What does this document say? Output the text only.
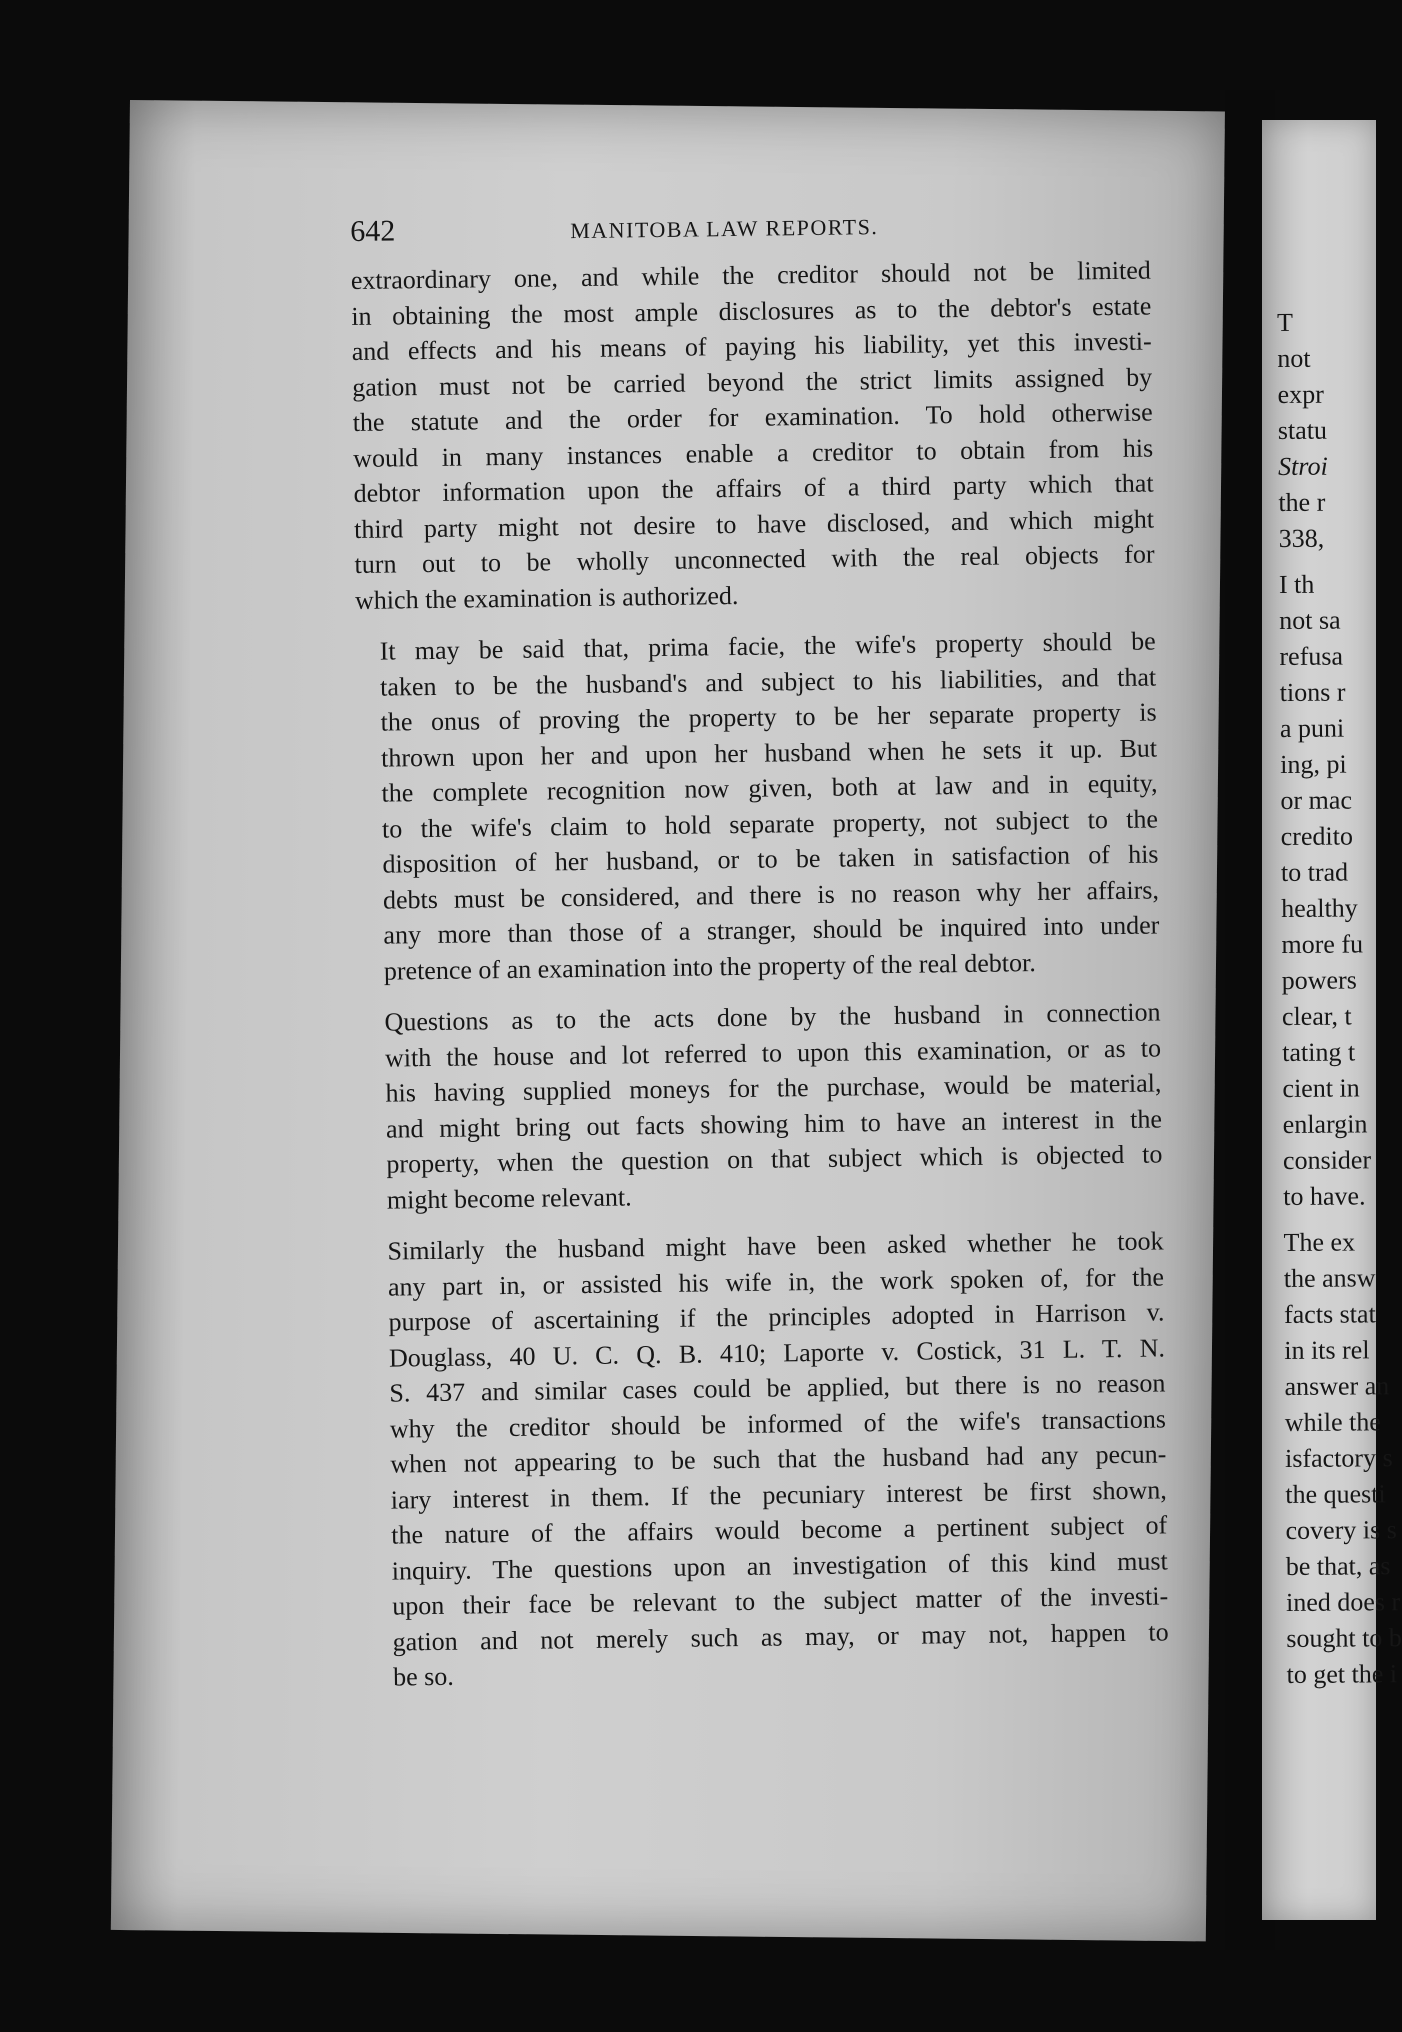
642	MANITOBA LAW REPORTS.

extraordinary one, and while the creditor should not be limited
in obtaining the most ample disclosures as to the debtor's estate
and effects and his means of paying his liability, yet this investi-
gation must not be carried beyond the strict limits assigned by
the statute and the order for examination. To hold otherwise
would in many instances enable a creditor to obtain from his
debtor information upon the affairs of a third party which that
third party might not desire to have disclosed, and which might
turn out to be wholly unconnected with the real objects for
which the examination is authorized.

It may be said that, prima facie, the wife's property should be
taken to be the husband's and subject to his liabilities, and that
the onus of proving the property to be her separate property is
thrown upon her and upon her husband when he sets it up. But
the complete recognition now given, both at law and in equity,
to the wife's claim to hold separate property, not subject to the
disposition of her husband, or to be taken in satisfaction of his
debts must be considered, and there is no reason why her affairs,
any more than those of a stranger, should be inquired into under
pretence of an examination into the property of the real debtor.

Questions as to the acts done by the husband in connection
with the house and lot referred to upon this examination, or as to
his having supplied moneys for the purchase, would be material,
and might bring out facts showing him to have an interest in the
property, when the question on that subject which is objected to
might become relevant.

Similarly the husband might have been asked whether he took
any part in, or assisted his wife in, the work spoken of, for the
purpose of ascertaining if the principles adopted in Harrison v.
Douglass, 40 U. C. Q. B. 410; Laporte v. Costick, 31 L. T. N.
S. 437 and similar cases could be applied, but there is no reason
why the creditor should be informed of the wife's transactions
when not appearing to be such that the husband had any pecun-
iary interest in them. If the pecuniary interest be first shown,
the nature of the affairs would become a pertinent subject of
inquiry. The questions upon an investigation of this kind must
upon their face be relevant to the subject matter of the investi-
gation and not merely such as may, or may not, happen to
be so.

T
not
expr
statu
Stroi
the r
338,
I th
not sa
refusa
tions r
a puni
ing, pi
or mac
credito
to trad
healthy
more fu
powers
clear, t
tating t
cient in
enlargin
consider
to have.
The ex
the answ
facts stat
in its rel
answer an
while the
isfactory s
the questi
covery is s
be that, as
ined does r
sought to b
to get the i
